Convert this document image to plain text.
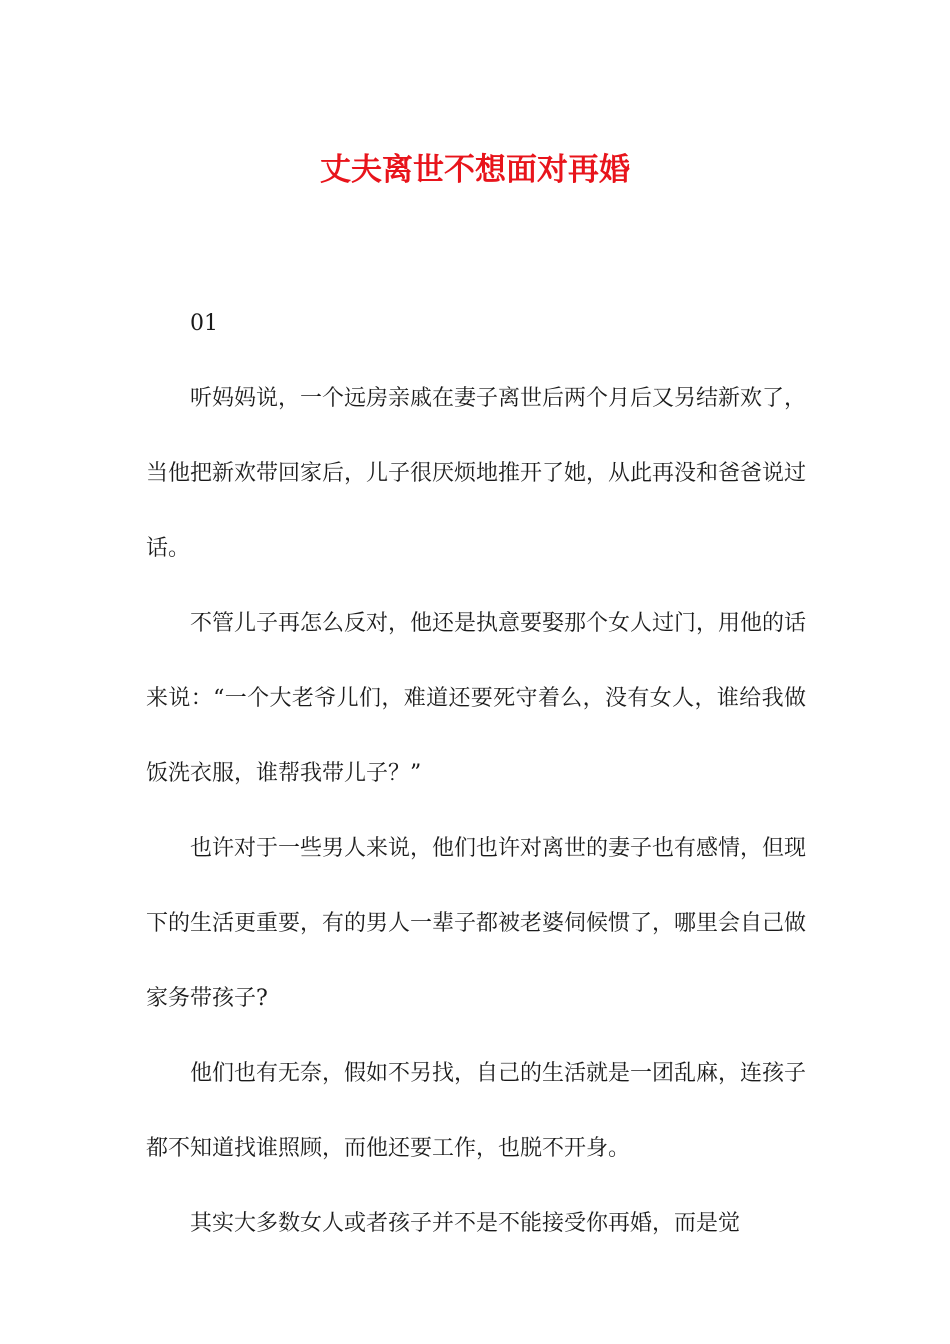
丈夫离世不想面对再婚

01

听妈妈说，一个远房亲戚在妻子离世后两个月后又另结新欢了，当他把新欢带回家后，儿子很厌烦地推开了她，从此再没和爸爸说过话。

不管儿子再怎么反对，他还是执意要娶那个女人过门，用他的话来说：“一个大老爷儿们，难道还要死守着么，没有女人，谁给我做饭洗衣服，谁帮我带儿子？”

也许对于一些男人来说，他们也许对离世的妻子也有感情，但现下的生活更重要，有的男人一辈子都被老婆伺候惯了，哪里会自己做家务带孩子?

他们也有无奈，假如不另找，自己的生活就是一团乱麻，连孩子都不知道找谁照顾，而他还要工作，也脱不开身。

其实大多数女人或者孩子并不是不能接受你再婚，而是觉
